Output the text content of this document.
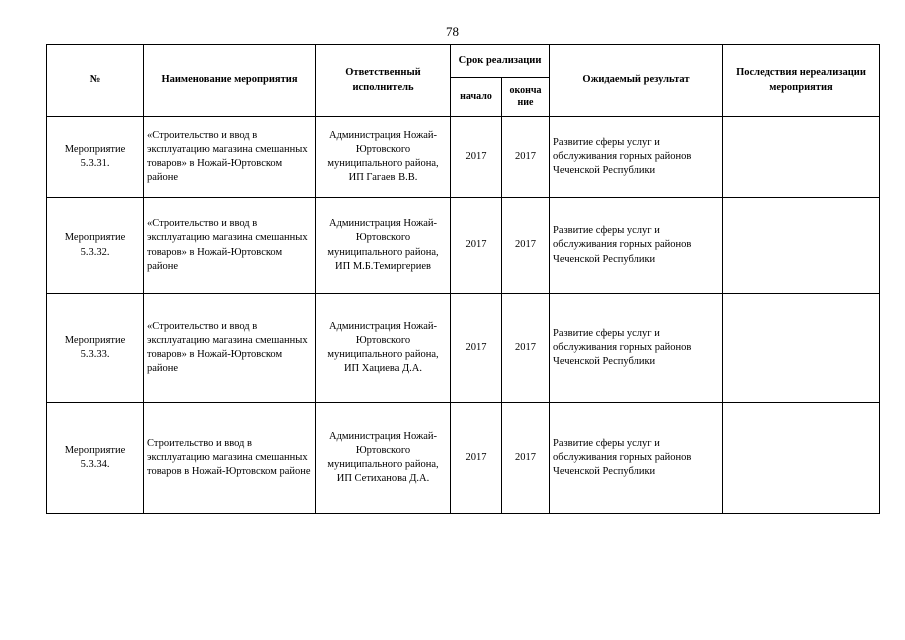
78
№	Наименование мероприятия	Ответственный исполнитель	Срок реализации		Ожидаемый результат	Последствия нереализации мероприятия
			начало	оконча ние		
Мероприятие 5.3.31.	«Строительство и ввод в эксплуатацию магазина смешанных товаров» в Ножай-Юртовском районе	Администрация Ножай-Юртовского муниципального района, ИП Гагаев В.В.	2017	2017	Развитие сферы услуг и обслуживания горных районов Чеченской Республики	
Мероприятие 5.3.32.	«Строительство и ввод в эксплуатацию магазина смешанных товаров» в Ножай-Юртовском районе	Администрация Ножай-Юртовского муниципального района, ИП М.Б.Темиргериев	2017	2017	Развитие сферы услуг и обслуживания горных районов Чеченской Республики	
Мероприятие 5.3.33.	«Строительство и ввод в эксплуатацию магазина смешанных товаров» в Ножай-Юртовском районе	Администрация Ножай-Юртовского муниципального района, ИП Хациева Д.А.	2017	2017	Развитие сферы услуг и обслуживания горных районов Чеченской Республики	
Мероприятие 5.3.34.	Строительство и ввод в эксплуатацию магазина смешанных товаров в Ножай-Юртовском районе	Администрация Ножай-Юртовского муниципального района, ИП Сетиханова Д.А.	2017	2017	Развитие сферы услуг и обслуживания горных районов Чеченской Республики	
